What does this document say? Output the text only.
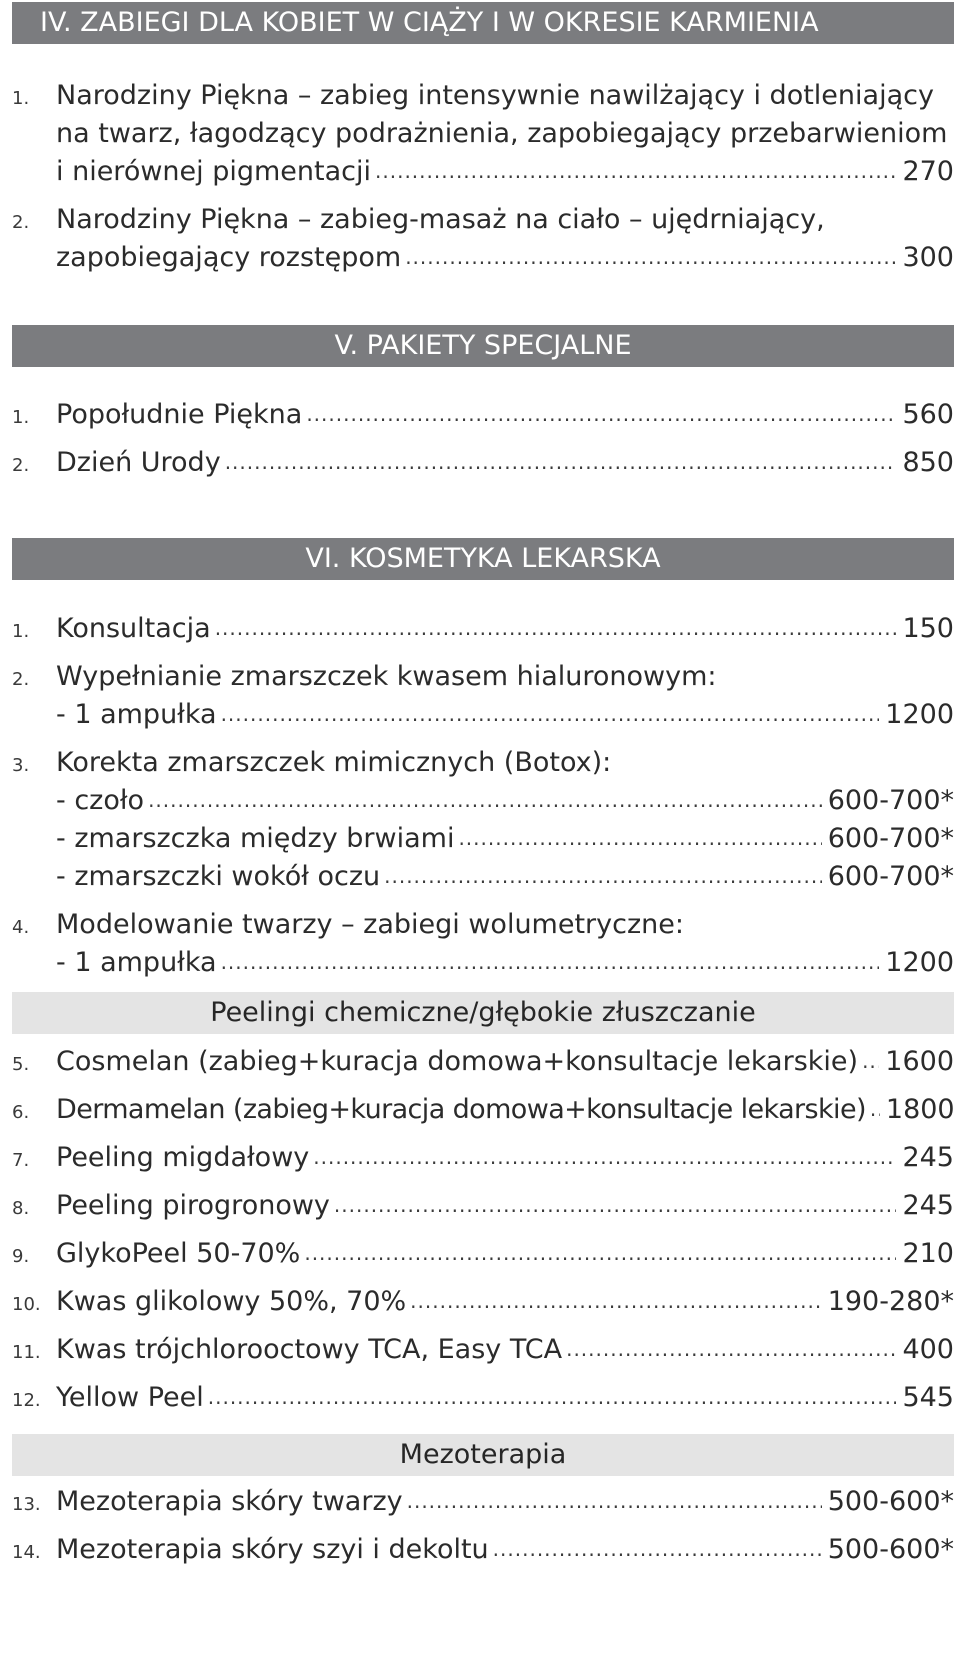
IV. ZABIEGI DLA KOBIET W CIĄŻY I W OKRESIE KARMIENIA
1. Narodziny Piękna – zabieg intensywnie nawilżający i dotleniający
na twarz, łagodzący podrażnienia, zapobiegający przebarwieniom
i nierównej pigmentacji .....	270
2. Narodziny Piękna – zabieg-masaż na ciało – ujędrniający,
zapobiegający rozstępom .....	300
V. PAKIETY SPECJALNE
1. Popołudnie Piękna .....	560
2. Dzień Urody .....	850
VI. KOSMETYKA LEKARSKA
1. Konsultacja .....	150
2. Wypełnianie zmarszczek kwasem hialuronowym:
- 1 ampułka .....	1200
3. Korekta zmarszczek mimicznych (Botox):
- czoło .....	600-700*
- zmarszczka między brwiami .....	600-700*
- zmarszczki wokół oczu .....	600-700*
4. Modelowanie twarzy – zabiegi wolumetryczne:
- 1 ampułka .....	1200
Peelingi chemiczne/głębokie złuszczanie
5. Cosmelan (zabieg+kuracja domowa+konsultacje lekarskie) ..... 1600
6. Dermamelan (zabieg+kuracja domowa+konsultacje lekarskie) ..... 1800
7. Peeling migdałowy .....	245
8. Peeling pirogronowy .....	245
9. GlykoPeel 50-70% .....	210
10. Kwas glikolowy 50%, 70% .....	190-280*
11. Kwas trójchlorooctowy TCA, Easy TCA .....	400
12. Yellow Peel .....	545
Mezoterapia
13. Mezoterapia skóry twarzy .....	500-600*
14. Mezoterapia skóry szyi i dekoltu .....	500-600*
